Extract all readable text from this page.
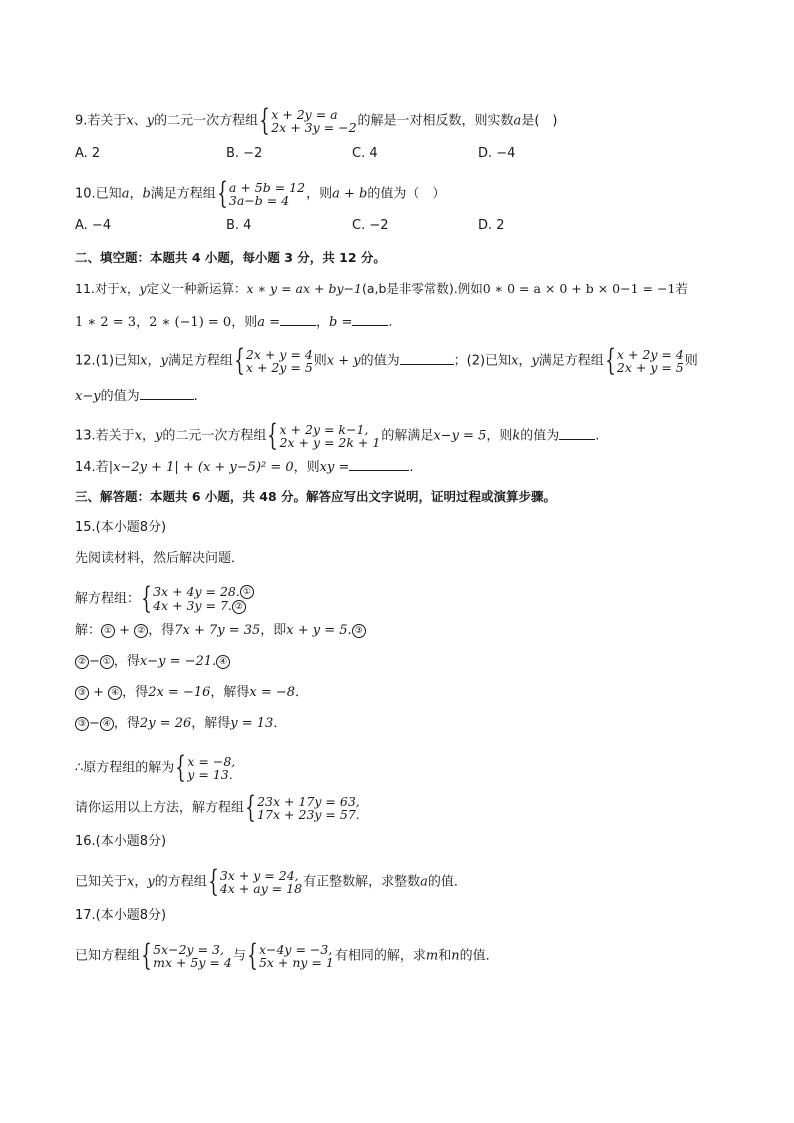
9.若关于x、y的二元一次方程组 { x + 2y = a
2x + 3y = −2 的解是一对相反数，则实数a是(　)
A. 2	B. −2	C. 4	D. −4
10.已知a，b满足方程组 { a + 5b = 12
3a−b = 4	，则a + b的值为（　）
A. −4	B. 4	C. −2	D. 2
二、填空题：本题共 4 小题，每小题 3 分，共 12 分。
11.对于x，y定义一种新运算：x ∗ y = ax + by−1(a,b是非零常数).例如0 ∗ 0 = a × 0 + b × 0−1 = −1若
1 ∗ 2 = 3，2 ∗ (−1) = 0，则a =	，b =	.
12.(1)已知x，y满足方程组 { 2x + y = 4
x + 2y = 5 则x + y的值为	；(2)已知x，y满足方程组 { x + 2y = 4
2x + y = 5 则
x−y的值为	.
13.若关于x，y的二元一次方程组 { x + 2y = k−1,
2x + y = 2k + 1 的解满足x−y = 5，则k的值为	.
14.若|x−2y + 1| + (x + y−5)² = 0，则xy =	.
三、解答题：本题共 6 小题，共 48 分。解答应写出文字说明，证明过程或演算步骤。
15.(本小题8分)
先阅读材料，然后解决问题．
解方程组： { 3x + 4y = 28. ①
4x + 3y = 7. ②
解： ① + ② ，得7x + 7y = 35，即x + y = 5. ③
② − ① ，得x−y = −21. ④
③ + ④ ，得2x = −16，解得x = −8．
③ − ④ ，得2y = 26，解得y = 13．
∴原方程组的解为 { x = −8,
y = 13.
请你运用以上方法，解方程组 { 23x + 17y = 63,
17x + 23y = 57.
16.(本小题8分)
已知关于x，y的方程组 { 3x + y = 24,
4x + ay = 18 有正整数解，求整数a的值．
17.(本小题8分)
已知方程组 { 5x−2y = 3,
mx + 5y = 4 与 { x−4y = −3,
5x + ny = 1 有相同的解，求m和n的值．
